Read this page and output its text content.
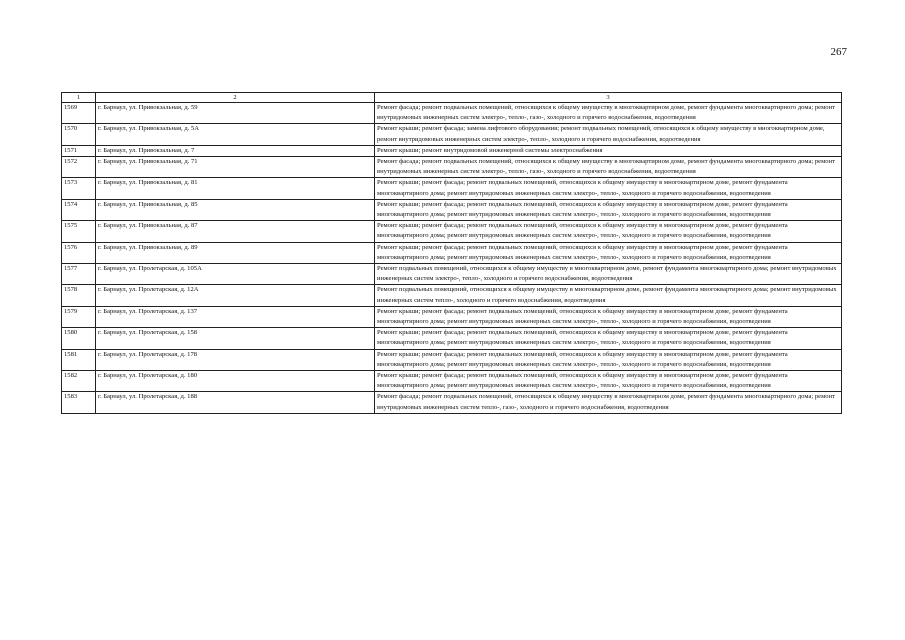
267
1	2	3
1569	г. Барнаул, ул. Привокзальная, д. 59	Ремонт фасада; ремонт подвальных помещений, относящихся к общему имуществу в многоквартирном доме, ремонт фундамента многоквартирного дома; ремонт внутридомовых инженерных систем электро-, тепло-, газо-, холодного и горячего водоснабжения, водоотведения
1570	г. Барнаул, ул. Привокзальная, д. 5А	Ремонт крыши; ремонт фасада; замена лифтового оборудования; ремонт подвальных помещений, относящихся к общему имуществу в многоквартирном доме, ремонт внутридомовых инженерных систем электро-, тепло-, холодного и горячего водоснабжения, водоотведения
1571	г. Барнаул, ул. Привокзальная, д. 7	Ремонт крыши; ремонт внутридомовой инженерной системы электроснабжения
1572	г. Барнаул, ул. Привокзальная, д. 71	Ремонт фасада; ремонт подвальных помещений, относящихся к общему имуществу в многоквартирном доме, ремонт фундамента многоквартирного дома; ремонт внутридомовых инженерных систем электро-, тепло-, газо-, холодного и горячего водоснабжения, водоотведения
1573	г. Барнаул, ул. Привокзальная, д. 81	Ремонт крыши; ремонт фасада; ремонт подвальных помещений, относящихся к общему имуществу в многоквартирном доме, ремонт фундамента многоквартирного дома; ремонт внутридомовых инженерных систем электро-, тепло-, холодного и горячего водоснабжения, водоотведения
1574	г. Барнаул, ул. Привокзальная, д. 85	Ремонт крыши; ремонт фасада; ремонт подвальных помещений, относящихся к общему имуществу в многоквартирном доме, ремонт фундамента многоквартирного дома; ремонт внутридомовых инженерных систем электро-, тепло-, холодного и горячего водоснабжения, водоотведения
1575	г. Барнаул, ул. Привокзальная, д. 87	Ремонт крыши; ремонт фасада; ремонт подвальных помещений, относящихся к общему имуществу в многоквартирном доме, ремонт фундамента многоквартирного дома; ремонт внутридомовых инженерных систем электро-, тепло-, холодного и горячего водоснабжения, водоотведения
1576	г. Барнаул, ул. Привокзальная, д. 89	Ремонт крыши; ремонт фасада; ремонт подвальных помещений, относящихся к общему имуществу в многоквартирном доме, ремонт фундамента многоквартирного дома; ремонт внутридомовых инженерных систем электро-, тепло-, холодного и горячего водоснабжения, водоотведения
1577	г. Барнаул, ул. Пролетарская, д. 105А	Ремонт подвальных помещений, относящихся к общему имуществу в многоквартирном доме, ремонт фундамента многоквартирного дома; ремонт внутридомовых инженерных систем электро-, тепло-, холодного и горячего водоснабжения, водоотведения
1578	г. Барнаул, ул. Пролетарская, д. 12А	Ремонт подвальных помещений, относящихся к общему имуществу в многоквартирном доме, ремонт фундамента многоквартирного дома; ремонт внутридомовых инженерных систем тепло-, холодного и горячего водоснабжения, водоотведения
1579	г. Барнаул, ул. Пролетарская, д. 137	Ремонт крыши; ремонт фасада; ремонт подвальных помещений, относящихся к общему имуществу в многоквартирном доме, ремонт фундамента многоквартирного дома; ремонт внутридомовых инженерных систем электро-, тепло-, холодного и горячего водоснабжения, водоотведения
1580	г. Барнаул, ул. Пролетарская, д. 158	Ремонт крыши; ремонт фасада; ремонт подвальных помещений, относящихся к общему имуществу в многоквартирном доме, ремонт фундамента многоквартирного дома; ремонт внутридомовых инженерных систем электро-, тепло-, холодного и горячего водоснабжения, водоотведения
1581	г. Барнаул, ул. Пролетарская, д. 178	Ремонт крыши; ремонт фасада; ремонт подвальных помещений, относящихся к общему имуществу в многоквартирном доме, ремонт фундамента многоквартирного дома; ремонт внутридомовых инженерных систем электро-, тепло-, холодного и горячего водоснабжения, водоотведения
1582	г. Барнаул, ул. Пролетарская, д. 180	Ремонт крыши; ремонт фасада; ремонт подвальных помещений, относящихся к общему имуществу в многоквартирном доме, ремонт фундамента многоквартирного дома; ремонт внутридомовых инженерных систем электро-, тепло-, холодного и горячего водоснабжения, водоотведения
1583	г. Барнаул, ул. Пролетарская, д. 188	Ремонт фасада; ремонт подвальных помещений, относящихся к общему имуществу в многоквартирном доме, ремонт фундамента многоквартирного дома; ремонт внутридомовых инженерных систем тепло-, газо-, холодного и горячего водоснабжения, водоотведения
